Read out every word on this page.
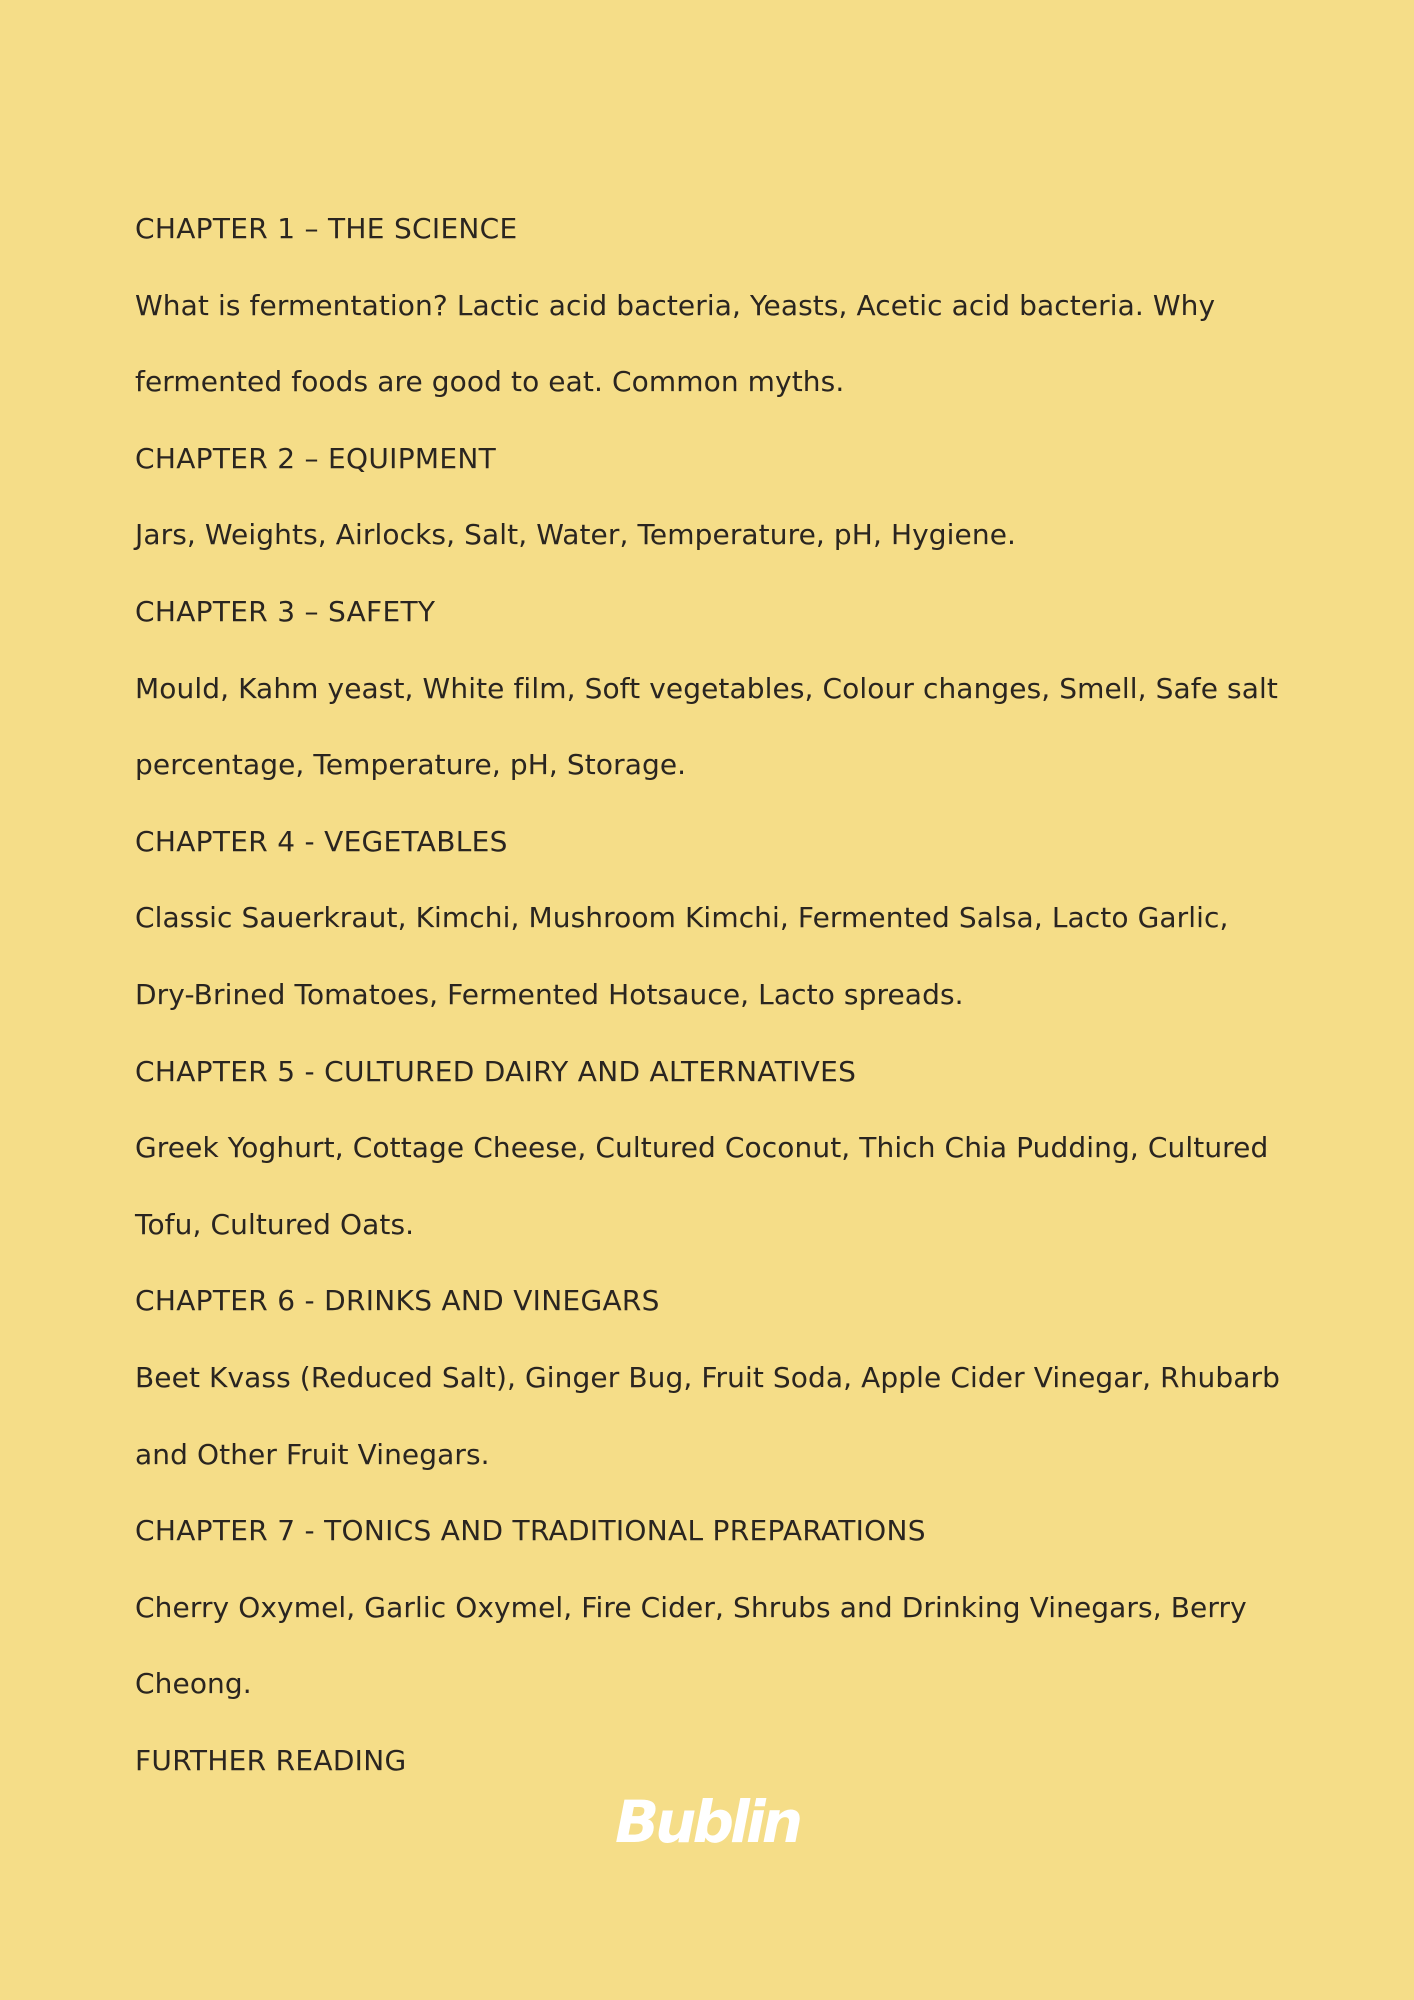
CHAPTER 1 – THE SCIENCE
What is fermentation? Lactic acid bacteria, Yeasts, Acetic acid bacteria. Why
fermented foods are good to eat. Common myths.
CHAPTER 2 – EQUIPMENT
Jars, Weights, Airlocks, Salt, Water, Temperature, pH, Hygiene.
CHAPTER 3 – SAFETY
Mould, Kahm yeast, White film, Soft vegetables, Colour changes, Smell, Safe salt
percentage, Temperature, pH, Storage.
CHAPTER 4 - VEGETABLES
Classic Sauerkraut, Kimchi, Mushroom Kimchi, Fermented Salsa, Lacto Garlic,
Dry-Brined Tomatoes, Fermented Hotsauce, Lacto spreads.
CHAPTER 5 - CULTURED DAIRY AND ALTERNATIVES
Greek Yoghurt, Cottage Cheese, Cultured Coconut, Thich Chia Pudding, Cultured
Tofu, Cultured Oats.
CHAPTER 6 - DRINKS AND VINEGARS
Beet Kvass (Reduced Salt), Ginger Bug, Fruit Soda, Apple Cider Vinegar, Rhubarb
and Other Fruit Vinegars.
CHAPTER 7 - TONICS AND TRADITIONAL PREPARATIONS
Cherry Oxymel, Garlic Oxymel, Fire Cider, Shrubs and Drinking Vinegars, Berry
Cheong.
FURTHER READING
Bublin
